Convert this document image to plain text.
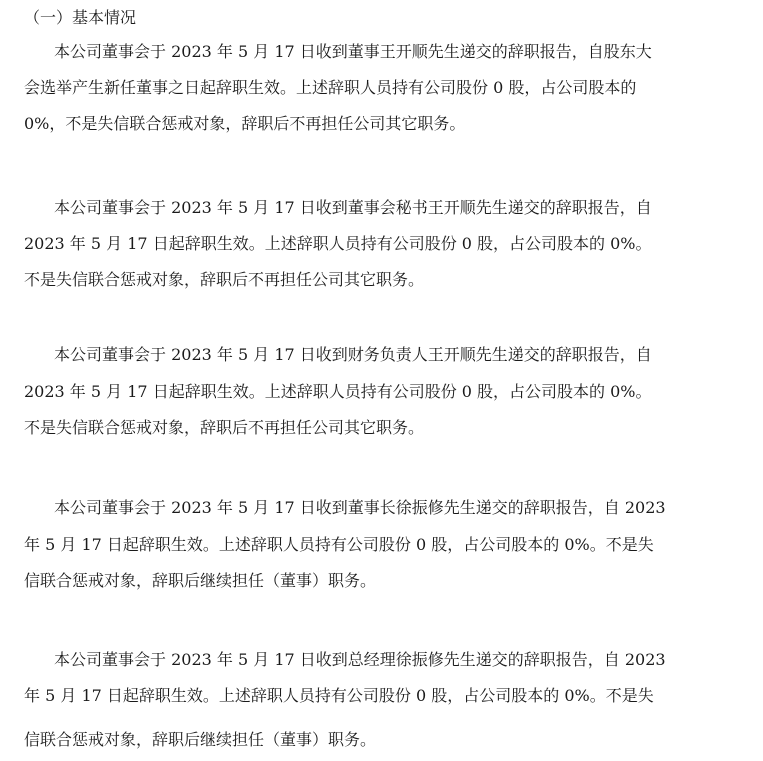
（一）基本情况
本公司董事会于 2023 年 5 月 17 日收到董事王开顺先生递交的辞职报告，自股东大
会选举产生新任董事之日起辞职生效。上述辞职人员持有公司股份 0 股，占公司股本的
0%，不是失信联合惩戒对象，辞职后不再担任公司其它职务。
本公司董事会于 2023 年 5 月 17 日收到董事会秘书王开顺先生递交的辞职报告，自
2023 年 5 月 17 日起辞职生效。上述辞职人员持有公司股份 0 股，占公司股本的 0%。
不是失信联合惩戒对象，辞职后不再担任公司其它职务。
本公司董事会于 2023 年 5 月 17 日收到财务负责人王开顺先生递交的辞职报告，自
2023 年 5 月 17 日起辞职生效。上述辞职人员持有公司股份 0 股，占公司股本的 0%。
不是失信联合惩戒对象，辞职后不再担任公司其它职务。
本公司董事会于 2023 年 5 月 17 日收到董事长徐振修先生递交的辞职报告，自 2023
年 5 月 17 日起辞职生效。上述辞职人员持有公司股份 0 股，占公司股本的 0%。不是失
信联合惩戒对象，辞职后继续担任（董事）职务。
本公司董事会于 2023 年 5 月 17 日收到总经理徐振修先生递交的辞职报告，自 2023
年 5 月 17 日起辞职生效。上述辞职人员持有公司股份 0 股，占公司股本的 0%。不是失
信联合惩戒对象，辞职后继续担任（董事）职务。
